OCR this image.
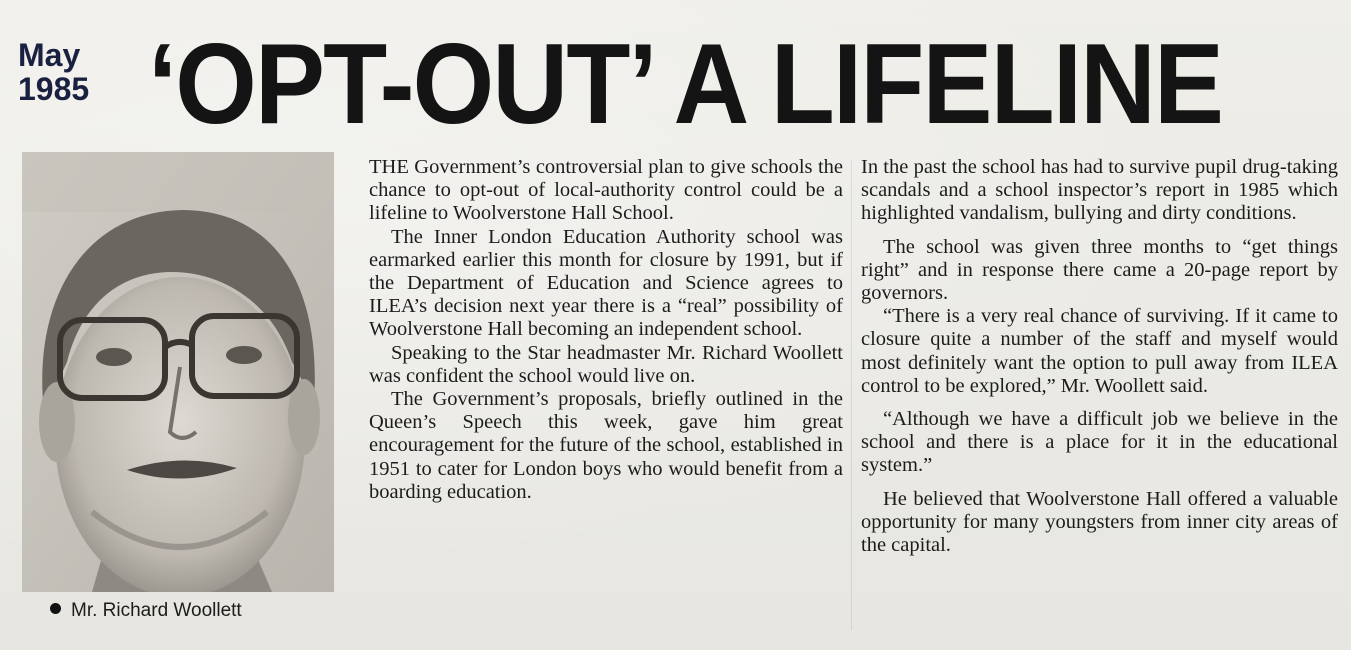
May
1985 ‘OPT-OUT’ A LIFELINE
Mr. Richard Woollett

THE Government’s controversial plan to give schools the chance to opt-out of local-authority control could be a lifeline to Woolverstone Hall School.

The Inner London Education Authority school was earmarked earlier this month for closure by 1991, but if the Department of Education and Science agrees to ILEA’s decision next year there is a “real” possibility of Woolverstone Hall becoming an independent school.

Speaking to the Star headmaster Mr. Richard Woollett was confident the school would live on.

The Government’s proposals, briefly outlined in the Queen’s Speech this week, gave him great encouragement for the future of the school, established in 1951 to cater for London boys who would benefit from a boarding education.

In the past the school has had to survive pupil drug-taking scandals and a school inspector’s report in 1985 which highlighted vandalism, bullying and dirty conditions.

The school was given three months to “get things right” and in response there came a 20-page report by governors.

“There is a very real chance of surviving. If it came to closure quite a number of the staff and myself would most definitely want the option to pull away from ILEA control to be explored,” Mr. Woollett said.

“Although we have a difficult job we believe in the school and there is a place for it in the educational system.”

He believed that Woolverstone Hall offered a valuable opportunity for many youngsters from inner city areas of the capital.
